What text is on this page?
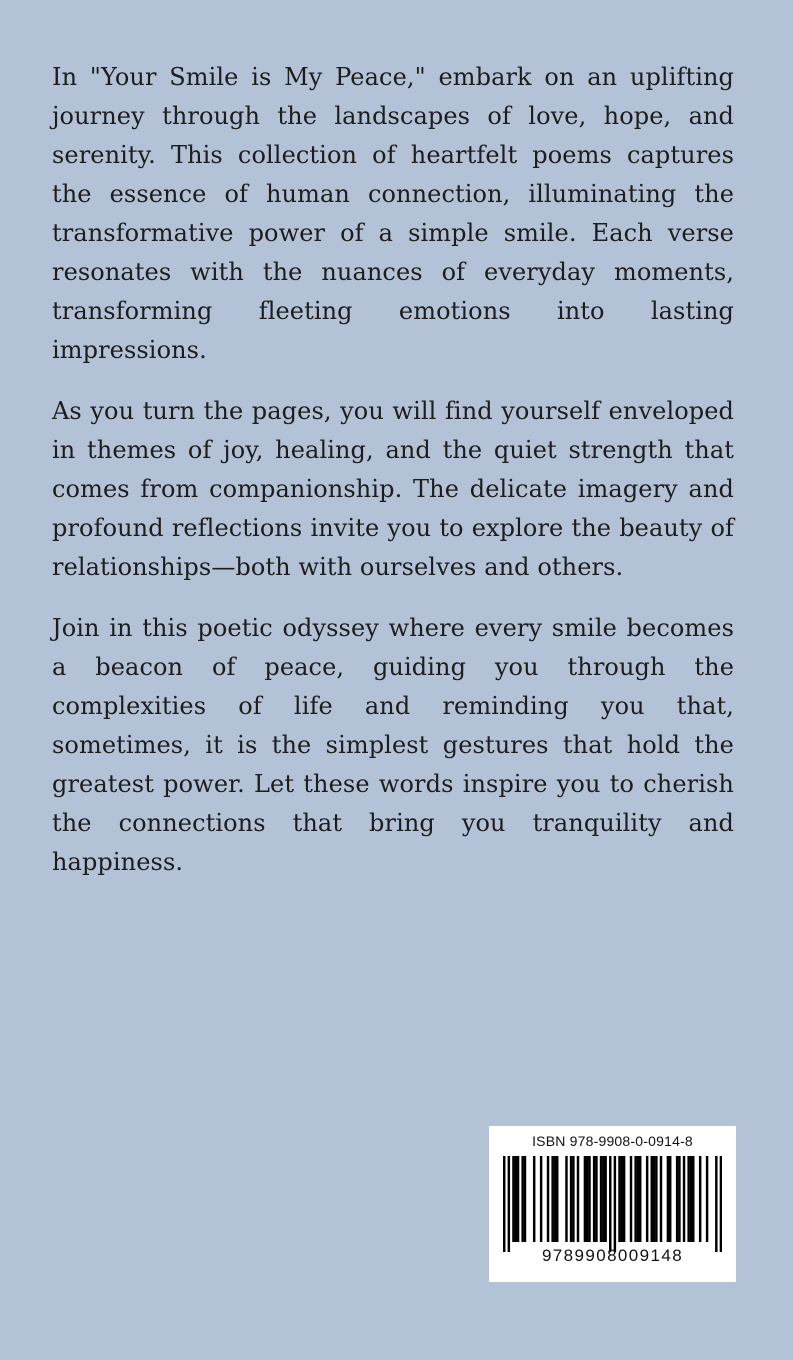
In "Your Smile is My Peace," embark on an uplifting journey through the landscapes of love, hope, and serenity. This collection of heartfelt poems captures the essence of human connection, illuminating the transformative power of a simple smile. Each verse resonates with the nuances of everyday moments, transforming fleeting emotions into lasting impressions.

As you turn the pages, you will find yourself enveloped in themes of joy, healing, and the quiet strength that comes from companionship. The delicate imagery and profound reflections invite you to explore the beauty of relationships—both with ourselves and others.

Join in this poetic odyssey where every smile becomes a beacon of peace, guiding you through the complexities of life and reminding you that, sometimes, it is the simplest gestures that hold the greatest power. Let these words inspire you to cherish the connections that bring you tranquility and happiness.

ISBN 978-9908-0-0914-8
9789908009148
